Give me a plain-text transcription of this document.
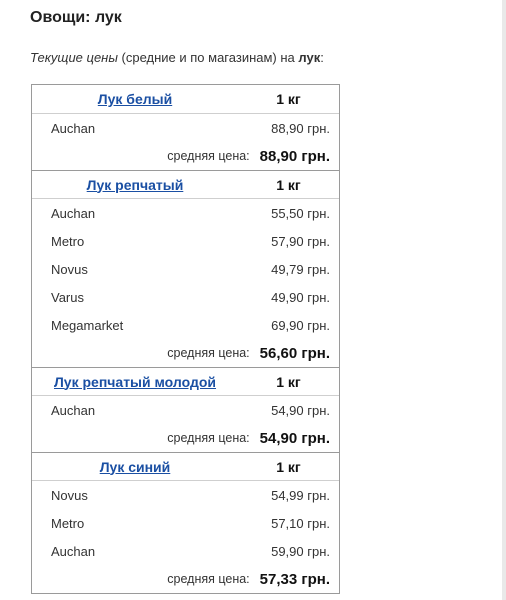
Овощи: лук
Текущие цены (средние и по магазинам) на лук:
Лук белый	1 кг
Auchan	88,90 грн.
средняя цена: 88,90 грн.
Лук репчатый	1 кг
Auchan	55,50 грн.
Metro	57,90 грн.
Novus	49,79 грн.
Varus	49,90 грн.
Megamarket	69,90 грн.
средняя цена: 56,60 грн.
Лук репчатый молодой	1 кг
Auchan	54,90 грн.
средняя цена: 54,90 грн.
Лук синий	1 кг
Novus	54,99 грн.
Metro	57,10 грн.
Auchan	59,90 грн.
средняя цена: 57,33 грн.
